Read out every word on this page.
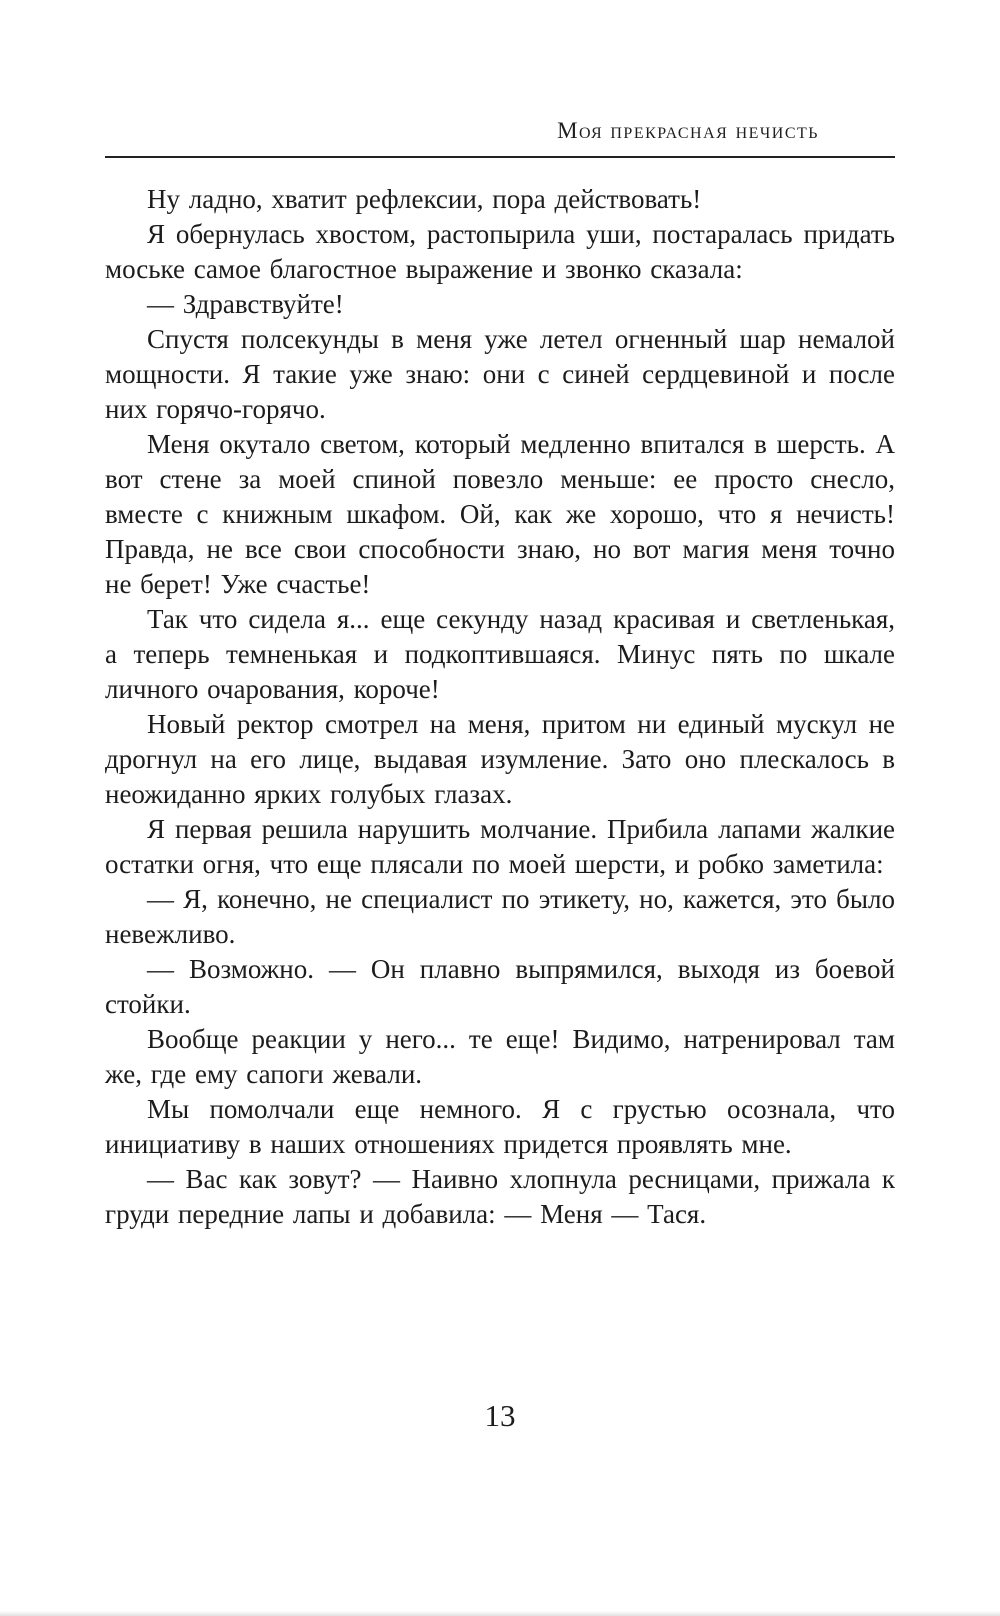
Моя прекрасная нечисть

Ну ладно, хватит рефлексии, пора действовать!

Я обернулась хвостом, растопырила уши, постаралась придать моське самое благостное выражение и звонко сказала:

— Здравствуйте!

Спустя полсекунды в меня уже летел огненный шар немалой мощности. Я такие уже знаю: они с синей сердцевиной и после них горячо-горячо.

Меня окутало светом, который медленно впитался в шерсть. А вот стене за моей спиной повезло меньше: ее просто снесло, вместе с книжным шкафом. Ой, как же хорошо, что я нечисть! Правда, не все свои способности знаю, но вот магия меня точно не берет! Уже счастье!

Так что сидела я... еще секунду назад красивая и светленькая, а теперь темненькая и подкоптившаяся. Минус пять по шкале личного очарования, короче!

Новый ректор смотрел на меня, притом ни единый мускул не дрогнул на его лице, выдавая изумление. Зато оно плескалось в неожиданно ярких голубых глазах.

Я первая решила нарушить молчание. Прибила лапами жалкие остатки огня, что еще плясали по моей шерсти, и робко заметила:

— Я, конечно, не специалист по этикету, но, кажется, это было невежливо.

— Возможно. — Он плавно выпрямился, выходя из боевой стойки.

Вообще реакции у него... те еще! Видимо, натренировал там же, где ему сапоги жевали.

Мы помолчали еще немного. Я с грустью осознала, что инициативу в наших отношениях придется проявлять мне.

— Вас как зовут? — Наивно хлопнула ресницами, прижала к груди передние лапы и добавила: — Меня — Тася.

13
